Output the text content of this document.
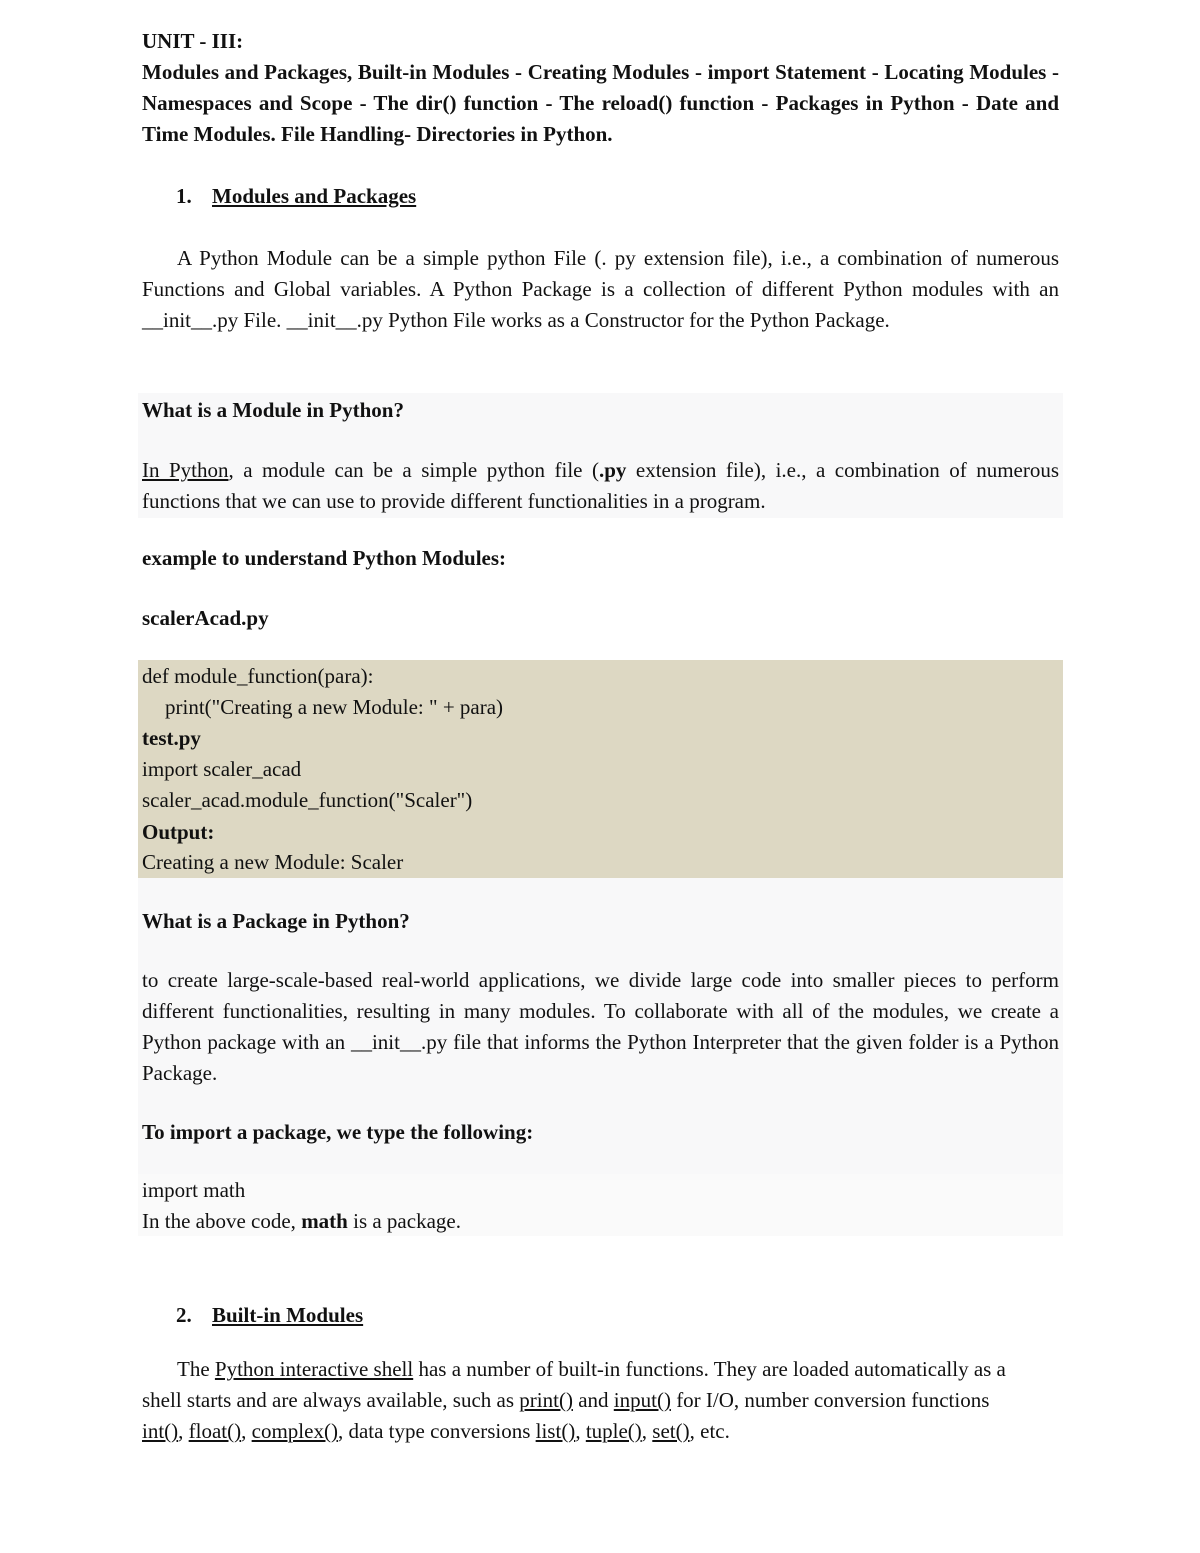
UNIT - III:
Modules and Packages, Built-in Modules - Creating Modules - import Statement - Locating Modules - Namespaces and Scope - The dir() function - The reload() function - Packages in Python - Date and Time Modules. File Handling- Directories in Python.
1. Modules and Packages
A Python Module can be a simple python File (. py extension file), i.e., a combination of numerous Functions and Global variables. A Python Package is a collection of different Python modules with an __init__.py File. __init__.py Python File works as a Constructor for the Python Package.
What is a Module in Python?
In Python, a module can be a simple python file (.py extension file), i.e., a combination of numerous functions that we can use to provide different functionalities in a program.
example to understand Python Modules:
scalerAcad.py
def module_function(para):
print("Creating a new Module: " + para)
test.py
import scaler_acad
scaler_acad.module_function("Scaler")
Output:
Creating a new Module: Scaler
What is a Package in Python?
to create large-scale-based real-world applications, we divide large code into smaller pieces to perform different functionalities, resulting in many modules. To collaborate with all of the modules, we create a Python package with an __init__.py file that informs the Python Interpreter that the given folder is a Python Package.
To import a package, we type the following:
import math
In the above code, math is a package.
2. Built-in Modules
The Python interactive shell has a number of built-in functions. They are loaded automatically as a shell starts and are always available, such as print() and input() for I/O, number conversion functions int(), float(), complex(), data type conversions list(), tuple(), set(), etc.
